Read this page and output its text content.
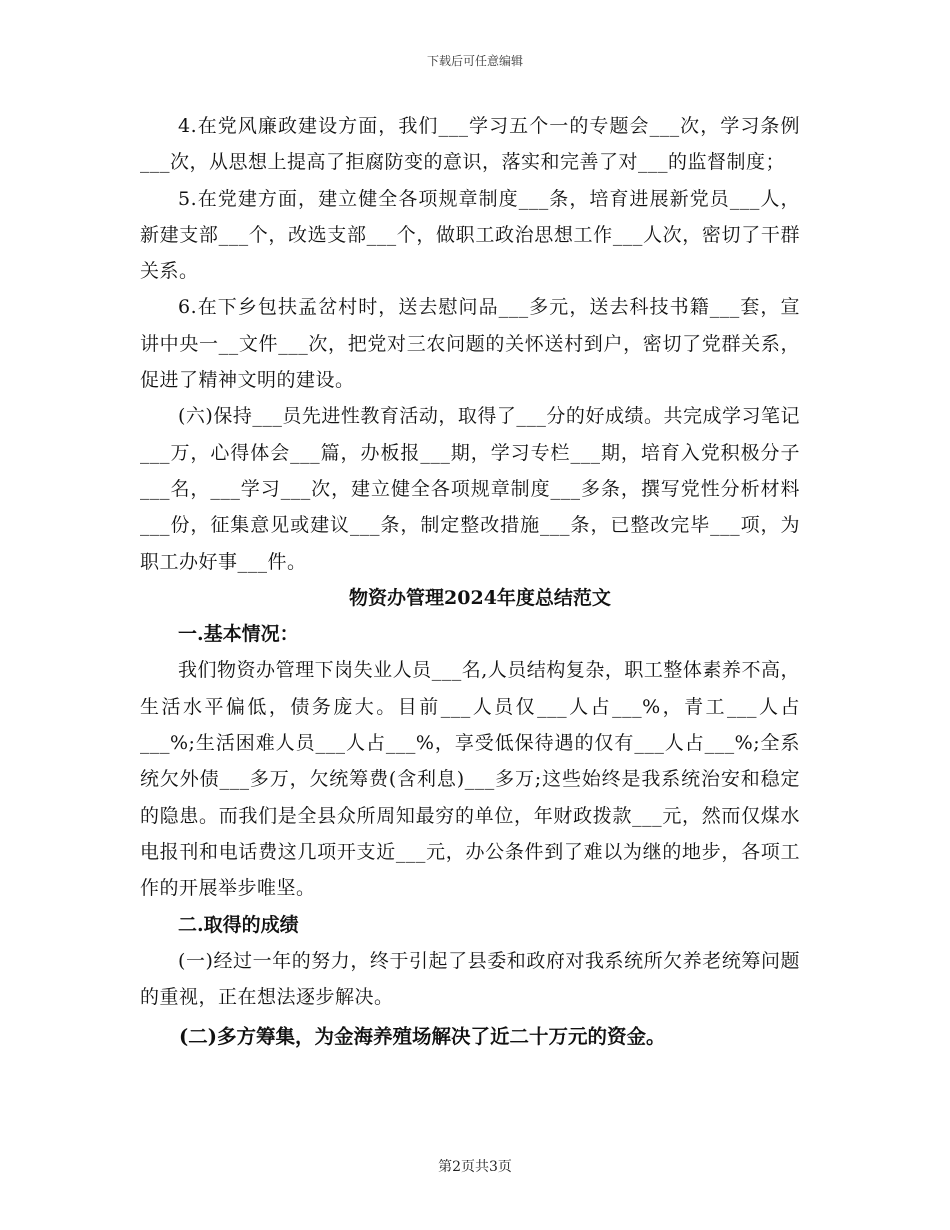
下载后可任意编辑

4.在党风廉政建设方面，我们___学习五个一的专题会___次，学习条例___次，从思想上提高了拒腐防变的意识，落实和完善了对___的监督制度；

5.在党建方面，建立健全各项规章制度___条，培育进展新党员___人，新建支部___个，改选支部___个，做职工政治思想工作___人次，密切了干群关系。

6.在下乡包扶孟岔村时，送去慰问品___多元，送去科技书籍___套，宣讲中央一__文件___次，把党对三农问题的关怀送村到户，密切了党群关系，促进了精神文明的建设。

(六)保持___员先进性教育活动，取得了___分的好成绩。共完成学习笔记___万，心得体会___篇，办板报___期，学习专栏___期，培育入党积极分子___名，___学习___次，建立健全各项规章制度___多条，撰写党性分析材料___份，征集意见或建议___条，制定整改措施___条，已整改完毕___项，为职工办好事___件。

物资办管理2024年度总结范文

一.基本情况：

我们物资办管理下岗失业人员___名,人员结构复杂，职工整体素养不高，生活水平偏低，债务庞大。目前___人员仅___人占___%，青工___人占___%;生活困难人员___人占___%，享受低保待遇的仅有___人占___%;全系统欠外债___多万，欠统筹费(含利息)___多万;这些始终是我系统治安和稳定的隐患。而我们是全县众所周知最穷的单位，年财政拨款___元，然而仅煤水电报刊和电话费这几项开支近___元，办公条件到了难以为继的地步，各项工作的开展举步唯坚。

二.取得的成绩

(一)经过一年的努力，终于引起了县委和政府对我系统所欠养老统筹问题的重视，正在想法逐步解决。

(二)多方筹集，为金海养殖场解决了近二十万元的资金。

第2页共3页
